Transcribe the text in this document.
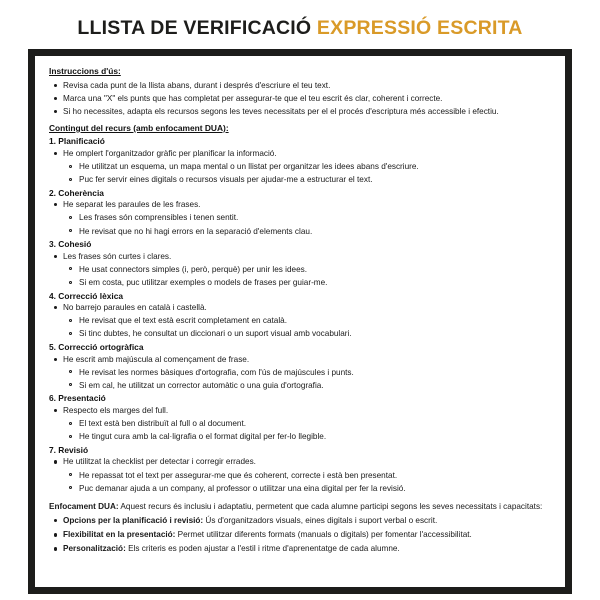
LLISTA DE VERIFICACIÓ EXPRESSIÓ ESCRITA
Instruccions d'ús:
Revisa cada punt de la llista abans, durant i després d'escriure el teu text.
Marca una "X" els punts que has completat per assegurar-te que el teu escrit és clar, coherent i correcte.
Si ho necessites, adapta els recursos segons les teves necessitats per el el procés d'escriptura més accessible i efectiu.
Contingut del recurs (amb enfocament DUA):
1. Planificació
He omplert l'organitzador gràfic per planificar la informació.
He utilitzat un esquema, un mapa mental o un llistat per organitzar les idees abans d'escriure.
Puc fer servir eines digitals o recursos visuals per ajudar-me a estructurar el text.
2. Coherència
He separat les paraules de les frases.
Les frases són comprensibles i tenen sentit.
He revisat que no hi hagi errors en la separació d'elements clau.
3. Cohesió
Les frases són curtes i clares.
He usat connectors simples (i, però, perquè) per unir les idees.
Si em costa, puc utilitzar exemples o models de frases per guiar-me.
4. Correcció lèxica
No barrejo paraules en català i castellà.
He revisat que el text està escrit completament en català.
Si tinc dubtes, he consultat un diccionari o un suport visual amb vocabulari.
5. Correcció ortogràfica
He escrit amb majúscula al començament de frase.
He revisat les normes bàsiques d'ortografia, com l'ús de majúscules i punts.
Si em cal, he utilitzat un corrector automàtic o una guia d'ortografia.
6. Presentació
Respecto els marges del full.
El text està ben distribuït al full o al document.
He tingut cura amb la cal·ligrafia o el format digital per fer-lo llegible.
7. Revisió
He utilitzat la checklist per detectar i corregir errades.
He repassat tot el text per assegurar-me que és coherent, correcte i està ben presentat.
Puc demanar ajuda a un company, al professor o utilitzar una eina digital per fer la revisió.
Enfocament DUA: Aquest recurs és inclusiu i adaptatiu, permetent que cada alumne participi segons les seves necessitats i capacitats:
Opcions per la planificació i revisió: Ús d'organitzadors visuals, eines digitals i suport verbal o escrit.
Flexibilitat en la presentació: Permet utilitzar diferents formats (manuals o digitals) per fomentar l'accessibilitat.
Personalització: Els criteris es poden ajustar a l'estil i ritme d'aprenentatge de cada alumne.
